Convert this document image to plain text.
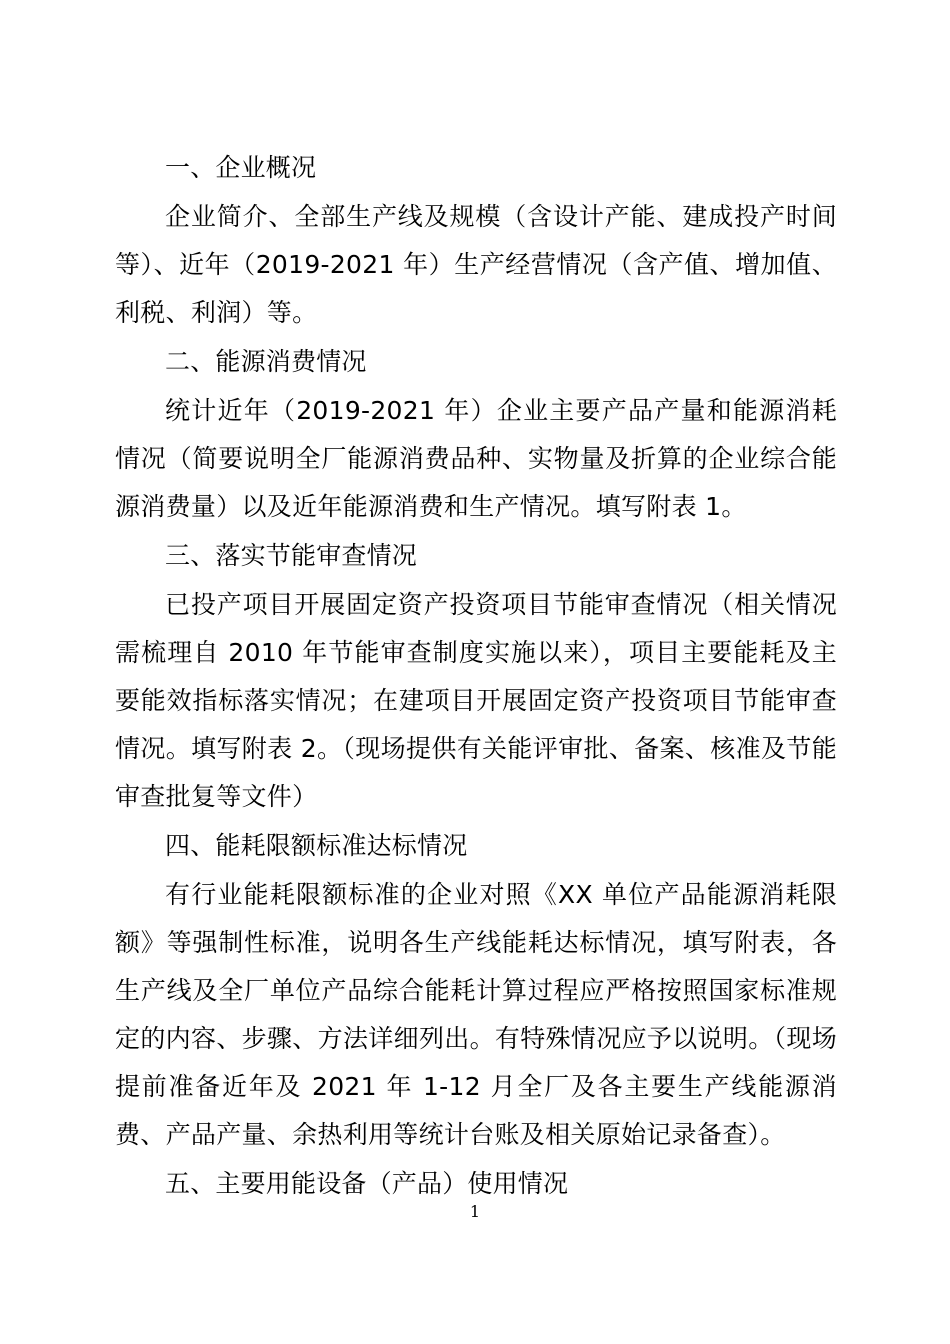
一、企业概况
企业简介、全部生产线及规模（含设计产能、建成投产时间等）、近年（2019-2021 年）生产经营情况（含产值、增加值、利税、利润）等。
二、能源消费情况
统计近年（2019-2021 年）企业主要产品产量和能源消耗情况（简要说明全厂能源消费品种、实物量及折算的企业综合能源消费量）以及近年能源消费和生产情况。填写附表 1。
三、落实节能审查情况
已投产项目开展固定资产投资项目节能审查情况（相关情况需梳理自 2010 年节能审查制度实施以来），项目主要能耗及主要能效指标落实情况；在建项目开展固定资产投资项目节能审查情况。填写附表 2。（现场提供有关能评审批、备案、核准及节能审查批复等文件）
四、能耗限额标准达标情况
有行业能耗限额标准的企业对照《XX 单位产品能源消耗限额》等强制性标准，说明各生产线能耗达标情况，填写附表，各生产线及全厂单位产品综合能耗计算过程应严格按照国家标准规定的内容、步骤、方法详细列出。有特殊情况应予以说明。（现场提前准备近年及 2021 年 1-12 月全厂及各主要生产线能源消费、产品产量、余热利用等统计台账及相关原始记录备查）。
五、主要用能设备（产品）使用情况
1
